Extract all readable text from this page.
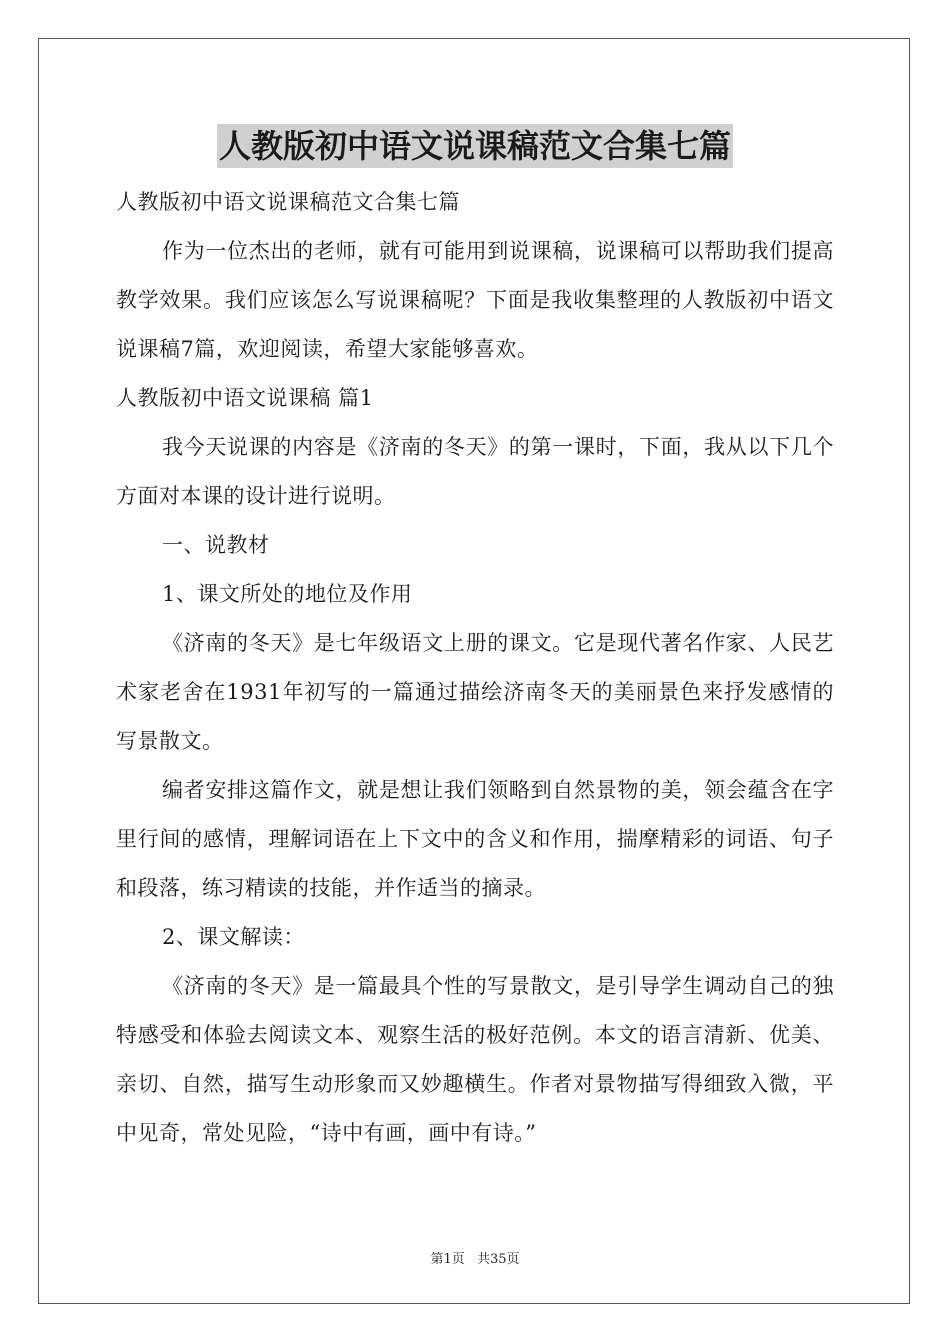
人教版初中语文说课稿范文合集七篇
人教版初中语文说课稿范文合集七篇
作为一位杰出的老师，就有可能用到说课稿，说课稿可以帮助我们提高教学效果。我们应该怎么写说课稿呢？下面是我收集整理的人教版初中语文说课稿7篇，欢迎阅读，希望大家能够喜欢。
人教版初中语文说课稿 篇1
我今天说课的内容是《济南的冬天》的第一课时，下面，我从以下几个方面对本课的设计进行说明。
一、说教材
1、课文所处的地位及作用
《济南的冬天》是七年级语文上册的课文。它是现代著名作家、人民艺术家老舍在1931年初写的一篇通过描绘济南冬天的美丽景色来抒发感情的写景散文。
编者安排这篇作文，就是想让我们领略到自然景物的美，领会蕴含在字里行间的感情，理解词语在上下文中的含义和作用，揣摩精彩的词语、句子和段落，练习精读的技能，并作适当的摘录。
2、课文解读：
《济南的冬天》是一篇最具个性的写景散文，是引导学生调动自己的独特感受和体验去阅读文本、观察生活的极好范例。本文的语言清新、优美、亲切、自然，描写生动形象而又妙趣横生。作者对景物描写得细致入微，平中见奇，常处见险，“诗中有画，画中有诗。”
第1页 共35页
